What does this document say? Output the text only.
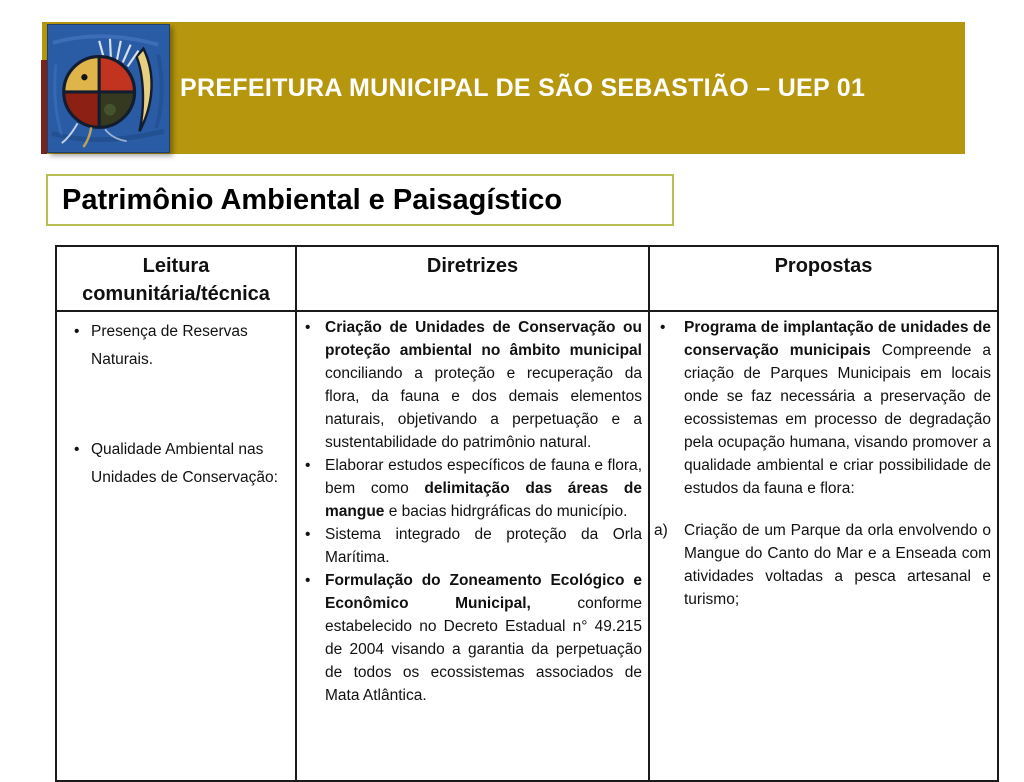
PREFEITURA MUNICIPAL DE SÃO SEBASTIÃO – UEP 01
Patrimônio Ambiental e Paisagístico
Leitura comunitária/técnica	Diretrizes	Propostas

• Presença de Reservas Naturais.
• Qualidade Ambiental nas Unidades de Conservação:

• Criação de Unidades de Conservação ou proteção ambiental no âmbito municipal conciliando a proteção e recuperação da flora, da fauna e dos demais elementos naturais, objetivando a perpetuação e a sustentabilidade do patrimônio natural.
• Elaborar estudos específicos de fauna e flora, bem como delimitação das áreas de mangue e bacias hidrgráficas do município.
• Sistema integrado de proteção da Orla Marítima.
• Formulação do Zoneamento Ecológico e Econômico Municipal, conforme estabelecido no Decreto Estadual n° 49.215 de 2004 visando a garantia da perpetuação de todos os ecossistemas associados de Mata Atlântica.

• Programa de implantação de unidades de conservação municipais Compreende a criação de Parques Municipais em locais onde se faz necessária a preservação de ecossistemas em processo de degradação pela ocupação humana, visando promover a qualidade ambiental e criar possibilidade de estudos da fauna e flora:
a) Criação de um Parque da orla envolvendo o Mangue do Canto do Mar e a Enseada com atividades voltadas a pesca artesanal e turismo;
